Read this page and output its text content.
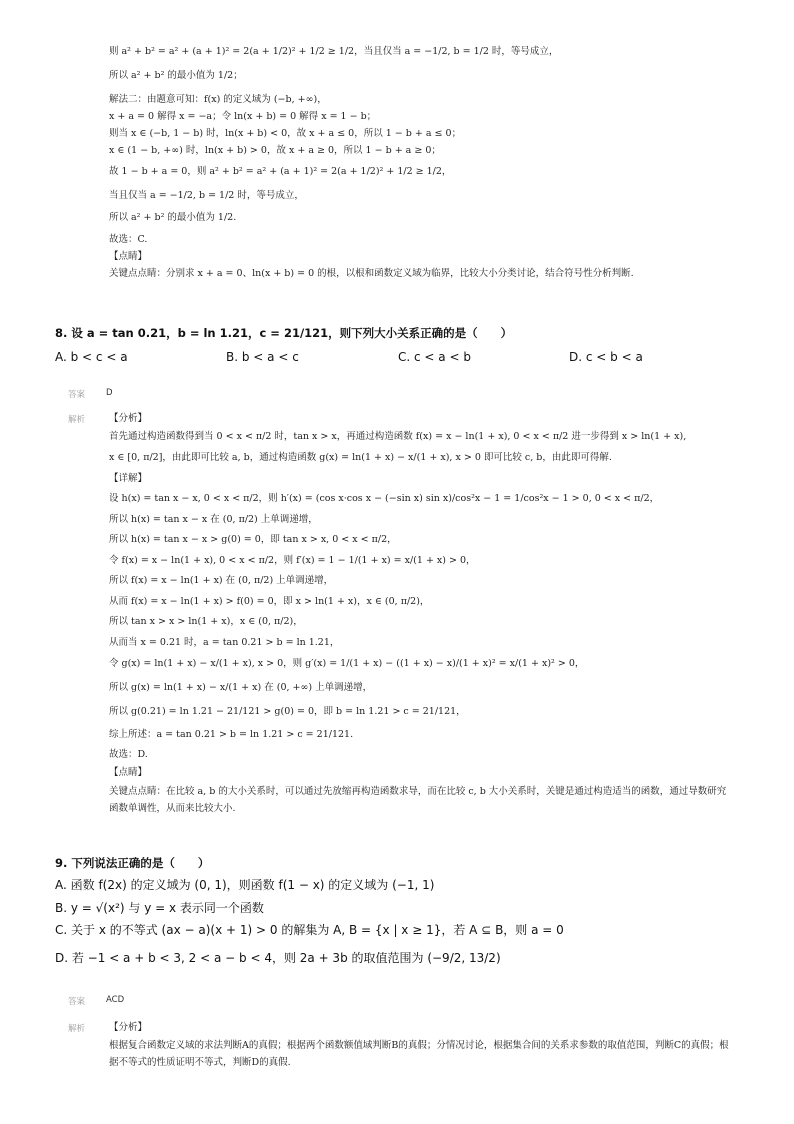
则 a² + b² = a² + (a + 1)² = 2(a + 1/2)² + 1/2 ≥ 1/2，当且仅当 a = −1/2, b = 1/2 时，等号成立，
所以 a² + b² 的最小值为 1/2；
解法二：由题意可知：f(x) 的定义域为 (−b, +∞)，
x + a = 0 解得 x = −a；令 ln(x + b) = 0 解得 x = 1 − b；
则当 x ∈ (−b, 1 − b) 时，ln(x + b) < 0，故 x + a ≤ 0，所以 1 − b + a ≤ 0；
x ∈ (1 − b, +∞) 时，ln(x + b) > 0，故 x + a ≥ 0，所以 1 − b + a ≥ 0；
故 1 − b + a = 0，则 a² + b² = a² + (a + 1)² = 2(a + 1/2)² + 1/2 ≥ 1/2，
当且仅当 a = −1/2, b = 1/2 时，等号成立，
所以 a² + b² 的最小值为 1/2.
故选：C.
【点睛】
关键点点睛：分别求 x + a = 0、ln(x + b) = 0 的根，以根和函数定义域为临界，比较大小分类讨论，结合符号性分析判断.
8. 设 a = tan 0.21，b = ln 1.21，c = 21/121，则下列大小关系正确的是（　　）
A. b < c < a	B. b < a < c	C. c < a < b	D. c < b < a
答案 D
解析	【分析】
首先通过构造函数得到当 0 < x < π/2 时，tan x > x，再通过构造函数 f(x) = x − ln(1 + x), 0 < x < π/2 进一步得到 x > ln(1 + x),
x ∈ [0, π/2]，由此即可比较 a, b，通过构造函数 g(x) = ln(1 + x) − x/(1 + x), x > 0 即可比较 c, b，由此即可得解.
【详解】
设 h(x) = tan x − x, 0 < x < π/2，则 h′(x) = (cos x·cos x − (−sin x) sin x)/cos²x − 1 = 1/cos²x − 1 > 0, 0 < x < π/2，
所以 h(x) = tan x − x 在 (0, π/2) 上单调递增，
所以 h(x) = tan x − x > g(0) = 0，即 tan x > x, 0 < x < π/2，
令 f(x) = x − ln(1 + x), 0 < x < π/2，则 f′(x) = 1 − 1/(1 + x) = x/(1 + x) > 0，
所以 f(x) = x − ln(1 + x) 在 (0, π/2) 上单调递增，
从而 f(x) = x − ln(1 + x) > f(0) = 0，即 x > ln(1 + x)，x ∈ (0, π/2)，
所以 tan x > x > ln(1 + x)，x ∈ (0, π/2)，
从而当 x = 0.21 时，a = tan 0.21 > b = ln 1.21，
令 g(x) = ln(1 + x) − x/(1 + x), x > 0，则 g′(x) = 1/(1 + x) − ((1 + x) − x)/(1 + x)² = x/(1 + x)² > 0，
所以 g(x) = ln(1 + x) − x/(1 + x) 在 (0, +∞) 上单调递增，
所以 g(0.21) = ln 1.21 − 21/121 > g(0) = 0，即 b = ln 1.21 > c = 21/121，
综上所述：a = tan 0.21 > b = ln 1.21 > c = 21/121.
故选：D.
【点睛】
关键点点睛：在比较 a, b 的大小关系时，可以通过先放缩再构造函数求导，而在比较 c, b 大小关系时，关键是通过构造适当的函数，通过导数研究函数单调性，从而来比较大小.
9. 下列说法正确的是（　　）
A. 函数 f(2x) 的定义域为 (0, 1)，则函数 f(1 − x) 的定义域为 (−1, 1)
B. y = √(x²) 与 y = x 表示同一个函数
C. 关于 x 的不等式 (ax − a)(x + 1) > 0 的解集为 A, B = {x | x ≥ 1}，若 A ⊆ B，则 a = 0
D. 若 −1 < a + b < 3, 2 < a − b < 4，则 2a + 3b 的取值范围为 (−9/2, 13/2)
答案 ACD
解析	【分析】
根据复合函数定义域的求法判断A的真假；根据两个函数额值域判断B的真假；分情况讨论，根据集合间的关系求参数的取值范围，判断C的真假；根据不等式的性质证明不等式，判断D的真假.
